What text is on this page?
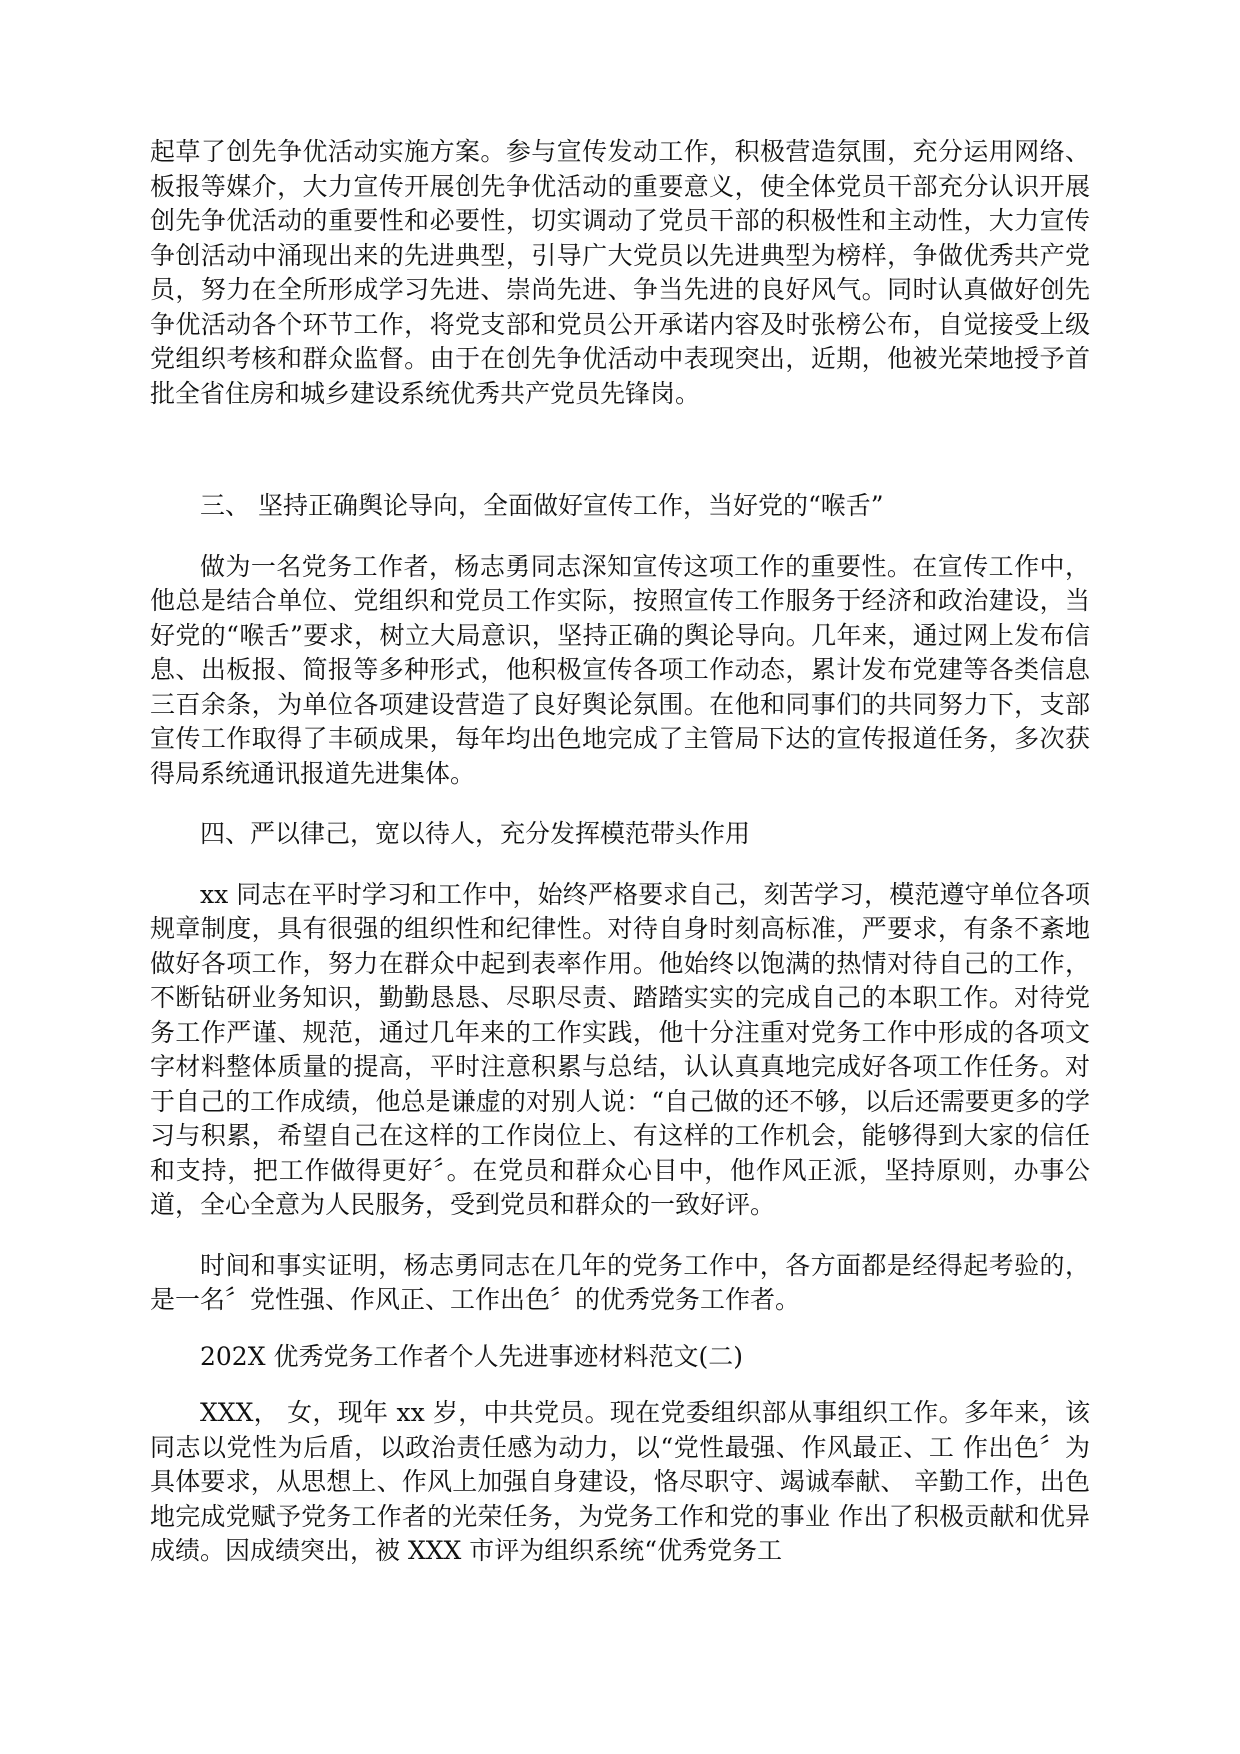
起草了创先争优活动实施方案。参与宣传发动工作，积极营造氛围，充分运用网络、板报等媒介，大力宣传开展创先争优活动的重要意义，使全体党员干部充分认识开展创先争优活动的重要性和必要性，切实调动了党员干部的积极性和主动性，大力宣传争创活动中涌现出来的先进典型，引导广大党员以先进典型为榜样，争做优秀共产党员，努力在全所形成学习先进、崇尚先进、争当先进的良好风气。同时认真做好创先争优活动各个环节工作，将党支部和党员公开承诺内容及时张榜公布，自觉接受上级党组织考核和群众监督。由于在创先争优活动中表现突出，近期，他被光荣地授予首批全省住房和城乡建设系统优秀共产党员先锋岗。

三、 坚持正确舆论导向，全面做好宣传工作，当好党的“喉舌”

做为一名党务工作者，杨志勇同志深知宣传这项工作的重要性。在宣传工作中，他总是结合单位、党组织和党员工作实际，按照宣传工作服务于经济和政治建设，当好党的“喉舌”要求，树立大局意识，坚持正确的舆论导向。几年来，通过网上发布信息、出板报、简报等多种形式，他积极宣传各项工作动态，累计发布党建等各类信息三百余条，为单位各项建设营造了良好舆论氛围。在他和同事们的共同努力下，支部宣传工作取得了丰硕成果，每年均出色地完成了主管局下达的宣传报道任务，多次获得局系统通讯报道先进集体。

四、严以律己，宽以待人，充分发挥模范带头作用

xx 同志在平时学习和工作中，始终严格要求自己，刻苦学习，模范遵守单位各项规章制度，具有很强的组织性和纪律性。对待自身时刻高标准，严要求，有条不紊地做好各项工作，努力在群众中起到表率作用。他始终以饱满的热情对待自己的工作，不断钻研业务知识，勤勤恳恳、尽职尽责、踏踏实实的完成自己的本职工作。对待党务工作严谨、规范，通过几年来的工作实践，他十分注重对党务工作中形成的各项文字材料整体质量的提高，平时注意积累与总结，认认真真地完成好各项工作任务。对于自己的工作成绩，他总是谦虚的对别人说：“自己做的还不够，以后还需要更多的学习与积累，希望自己在这样的工作岗位上、有这样的工作机会，能够得到大家的信任和支持，把工作做得更好〞。在党员和群众心目中，他作风正派，坚持原则，办事公道，全心全意为人民服务，受到党员和群众的一致好评。

时间和事实证明，杨志勇同志在几年的党务工作中，各方面都是经得起考验的，是一名〞党性强、作风正、工作出色〞的优秀党务工作者。

202X 优秀党务工作者个人先进事迹材料范文(二)

XXX， 女，现年 xx 岁，中共党员。现在党委组织部从事组织工作。多年来，该同志以党性为后盾，以政治责任感为动力，以“党性最强、作风最正、工 作出色〞为具体要求，从思想上、作风上加强自身建设，恪尽职守、竭诚奉献、 辛勤工作，出色地完成党赋予党务工作者的光荣任务，为党务工作和党的事业 作出了积极贡献和优异成绩。因成绩突出，被 XXX 市评为组织系统“优秀党务工
